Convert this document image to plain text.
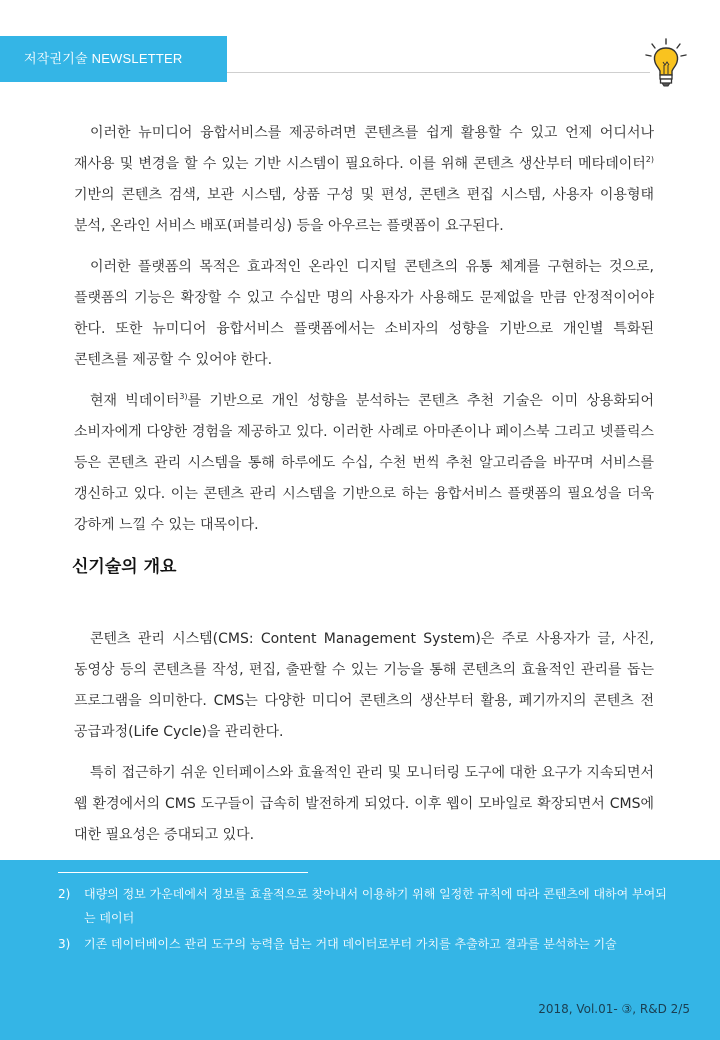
저작권기술 NEWSLETTER

이러한 뉴미디어 융합서비스를 제공하려면 콘텐츠를 쉽게 활용할 수 있고 언제 어디서나 재사용 및 변경을 할 수 있는 기반 시스템이 필요하다. 이를 위해 콘텐츠 생산부터 메타데이터$^{2)}$ 기반의 콘텐츠 검색, 보관 시스템, 상품 구성 및 편성, 콘텐츠 편집 시스템, 사용자 이용형태 분석, 온라인 서비스 배포(퍼블리싱) 등을 아우르는 플랫폼이 요구된다.

이러한 플랫폼의 목적은 효과적인 온라인 디지털 콘텐츠의 유통 체계를 구현하는 것으로, 플랫폼의 기능은 확장할 수 있고 수십만 명의 사용자가 사용해도 문제없을 만큼 안정적이어야 한다. 또한 뉴미디어 융합서비스 플랫폼에서는 소비자의 성향을 기반으로 개인별 특화된 콘텐츠를 제공할 수 있어야 한다.

현재 빅데이터$^{3)}$를 기반으로 개인 성향을 분석하는 콘텐츠 추천 기술은 이미 상용화되어 소비자에게 다양한 경험을 제공하고 있다. 이러한 사례로 아마존이나 페이스북 그리고 넷플릭스 등은 콘텐츠 관리 시스템을 통해 하루에도 수십, 수천 번씩 추천 알고리즘을 바꾸며 서비스를 갱신하고 있다. 이는 콘텐츠 관리 시스템을 기반으로 하는 융합서비스 플랫폼의 필요성을 더욱 강하게 느낄 수 있는 대목이다.

신기술의 개요

콘텐츠 관리 시스템(CMS: Content Management System)은 주로 사용자가 글, 사진, 동영상 등의 콘텐츠를 작성, 편집, 출판할 수 있는 기능을 통해 콘텐츠의 효율적인 관리를 돕는 프로그램을 의미한다. CMS는 다양한 미디어 콘텐츠의 생산부터 활용, 폐기까지의 콘텐츠 전 공급과정(Life Cycle)을 관리한다.

특히 접근하기 쉬운 인터페이스와 효율적인 관리 및 모니터링 도구에 대한 요구가 지속되면서 웹 환경에서의 CMS 도구들이 급속히 발전하게 되었다. 이후 웹이 모바일로 확장되면서 CMS에 대한 필요성은 증대되고 있다.

2) 대량의 정보 가운데에서 정보를 효율적으로 찾아내서 이용하기 위해 일정한 규칙에 따라 콘텐츠에 대하여 부여되는 데이터
3) 기존 데이터베이스 관리 도구의 능력을 넘는 거대 데이터로부터 가치를 추출하고 결과를 분석하는 기술
2018, Vol.01- ③, R&D 2/5
